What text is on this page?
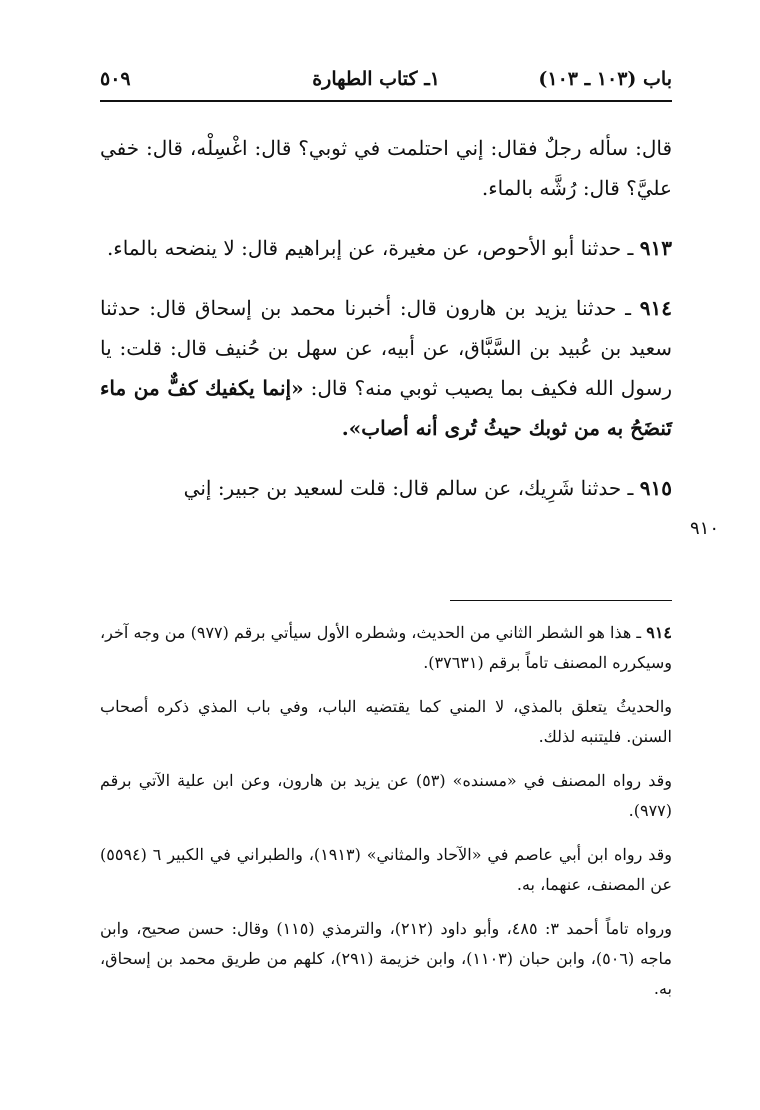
باب (١٠٣ ـ ١٠٣)
١ـ كتاب الطهارة
٥٠٩

قال: سأله رجلٌ فقال: إني احتلمت في ثوبي؟ قال: اغْسِلْه، قال: خفي عليَّ؟ قال: رُشَّه بالماء.

٩١٣ ـ حدثنا أبو الأحوص، عن مغيرة، عن إبراهيم قال: لا ينضحه بالماء.

٩١٤ ـ حدثنا يزيد بن هارون قال: أخبرنا محمد بن إسحاق قال: حدثنا سعيد بن عُبيد بن السَّبَّاق، عن أبيه، عن سهل بن حُنيف قال: قلت: يا رسول الله فكيف بما يصيب ثوبي منه؟ قال: «إنما يكفيك كفٌّ من ماء تَنضَحُ به من ثوبك حيثُ تُرى أنه أصاب».

٩١٥ ـ حدثنا شَرِيك، عن سالم قال: قلت لسعيد بن جبير: إني

٩١٠

٩١٤ ـ هذا هو الشطر الثاني من الحديث، وشطره الأول سيأتي برقم (٩٧٧) من وجه آخر، وسيكرره المصنف تاماً برقم (٣٧٦٣١).

والحديثُ يتعلق بالمذي، لا المني كما يقتضيه الباب، وفي باب المذي ذكره أصحاب السنن. فليتنبه لذلك.

وقد رواه المصنف في «مسنده» (٥٣) عن يزيد بن هارون، وعن ابن علية الآتي برقم (٩٧٧).

وقد رواه ابن أبي عاصم في «الآحاد والمثاني» (١٩١٣)، والطبراني في الكبير ٦ (٥٥٩٤) عن المصنف، عنهما، به.

ورواه تاماً أحمد ٣: ٤٨٥، وأبو داود (٢١٢)، والترمذي (١١٥) وقال: حسن صحيح، وابن ماجه (٥٠٦)، وابن حبان (١١٠٣)، وابن خزيمة (٢٩١)، كلهم من طريق محمد بن إسحاق، به.
